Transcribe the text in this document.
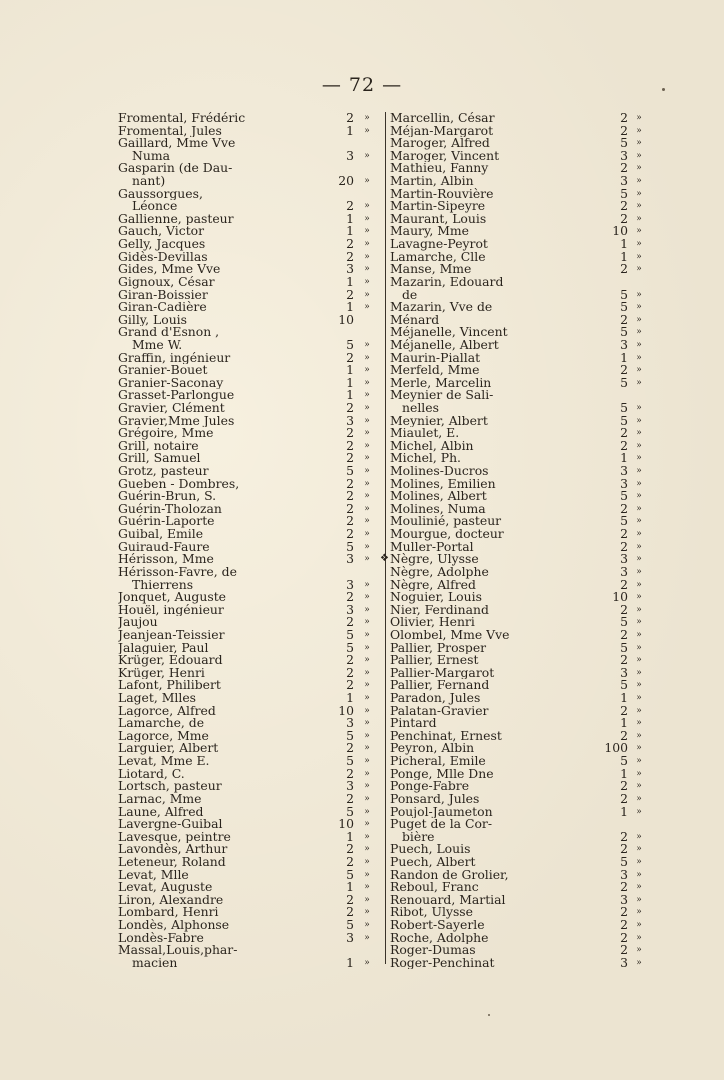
— 72 —
Fromental, Frédéric	2	»
Fromental, Jules	1	»
Gaillard, Mme Vve
Numa	3	»
Gasparin (de Dau-
nant)	20	»
Gaussorgues,
Léonce	2	»
Gallienne, pasteur	1	»
Gauch, Victor	1	»
Gelly, Jacques	2	»
Gidès-Devillas	2	»
Gides, Mme Vve	3	»
Gignoux, César	1	»
Giran-Boissier	2	»
Giran-Cadière	1	»
Gilly, Louis	10
Grand d'Esnon ,
Mme W.	5	»
Graffin, ingénieur	2	»
Granier-Bouet	1	»
Granier-Saconay	1	»
Grasset-Parlongue	1	»
Gravier, Clément	2	»
Gravier,Mme Jules	3	»
Grégoire, Mme	2	»
Grill, notaire	2	»
Grill, Samuel	2	»
Grotz, pasteur	5	»
Gueben - Dombres,	2	»
Guérin-Brun, S.	2	»
Guérin-Tholozan	2	»
Guérin-Laporte	2	»
Guibal, Emile	2	»
Guiraud-Faure	5	»
Hérisson, Mme	3	»
Hérisson-Favre, de
Thierrens	3	»
Jonquet, Auguste	2	»
Houël, ingénieur	3	»
Jaujou	2	»
Jeanjean-Teissier	5	»
Jalaguier, Paul	5	»
Krüger, Edouard	2	»
Krüger, Henri	2	»
Lafont, Philibert	2	»
Laget, Mlles	1	»
Lagorce, Alfred	10	»
Lamarche, de	3	»
Lagorce, Mme	5	»
Larguier, Albert	2	»
Levat, Mme E.	5	»
Liotard, C.	2	»
Lortsch, pasteur	3	»
Larnac, Mme	2	»
Laune, Alfred	5	»
Lavergne-Guibal	10	»
Lavesque, peintre	1	»
Lavondès, Arthur	2	»
Leteneur, Roland	2	»
Levat, Mlle	5	»
Levat, Auguste	1	»
Liron, Alexandre	2	»
Lombard, Henri	2	»
Londès, Alphonse	5	»
Londès-Fabre	3	»
Massal,Louis,phar-
macien	1	»
❖
Marcellin, César	2 »
Méjan-Margarot	2 »
Maroger, Alfred	5 »
Maroger, Vincent	3 »
Mathieu, Fanny	2 »
Martin, Albin	3 »
Martin-Rouvière	5 »
Martin-Sipeyre	2 »
Maurant, Louis	2 »
Maury, Mme	10 »
Lavagne-Peyrot	1 »
Lamarche, Clle	1 »
Manse, Mme	2 »
Mazarin, Edouard
de	5 »
Mazarin, Vve de	5 »
Ménard	2 »
Méjanelle, Vincent	5 »
Méjanelle, Albert	3 »
Maurin-Piallat	1 »
Merfeld, Mme	2 »
Merle, Marcelin	5 »
Meynier de Sali-
nelles	5 »
Meynier, Albert	5 »
Miaulet, E.	2 »
Michel, Albin	2 »
Michel, Ph.	1 »
Molines-Ducros	3 »
Molines, Emilien	3 »
Molines, Albert	5 »
Molines, Numa	2 »
Moulinié, pasteur	5 »
Mourgue, docteur	2 »
Muller-Portal	2 »
Nègre, Ulysse	3 »
Nègre, Adolphe	3 »
Nègre, Alfred	2 »
Noguier, Louis	10 »
Nier, Ferdinand	2 »
Olivier, Henri	5 »
Olombel, Mme Vve	2 »
Pallier, Prosper	5 »
Pallier, Ernest	2 »
Pallier-Margarot	3 »
Pallier, Fernand	5 »
Paradon, Jules	1 »
Palatan-Gravier	2 »
Pintard	1 »
Penchinat, Ernest	2 »
Peyron, Albin	100 »
Picheral, Emile	5 »
Ponge, Mlle Dne	1 »
Ponge-Fabre	2 »
Ponsard, Jules	2 »
Poujol-Jaumeton	1 »
Puget de la Cor-
bière	2 »
Puech, Louis	2 »
Puech, Albert	5 »
Randon de Grolier,	3 »
Reboul, Franc	2 »
Renouard, Martial	3 »
Ribot, Ulysse	2 »
Robert-Sayerle	2 »
Roche, Adolphe	2 »
Roger-Dumas	2 »
Roger-Penchinat	3 »
